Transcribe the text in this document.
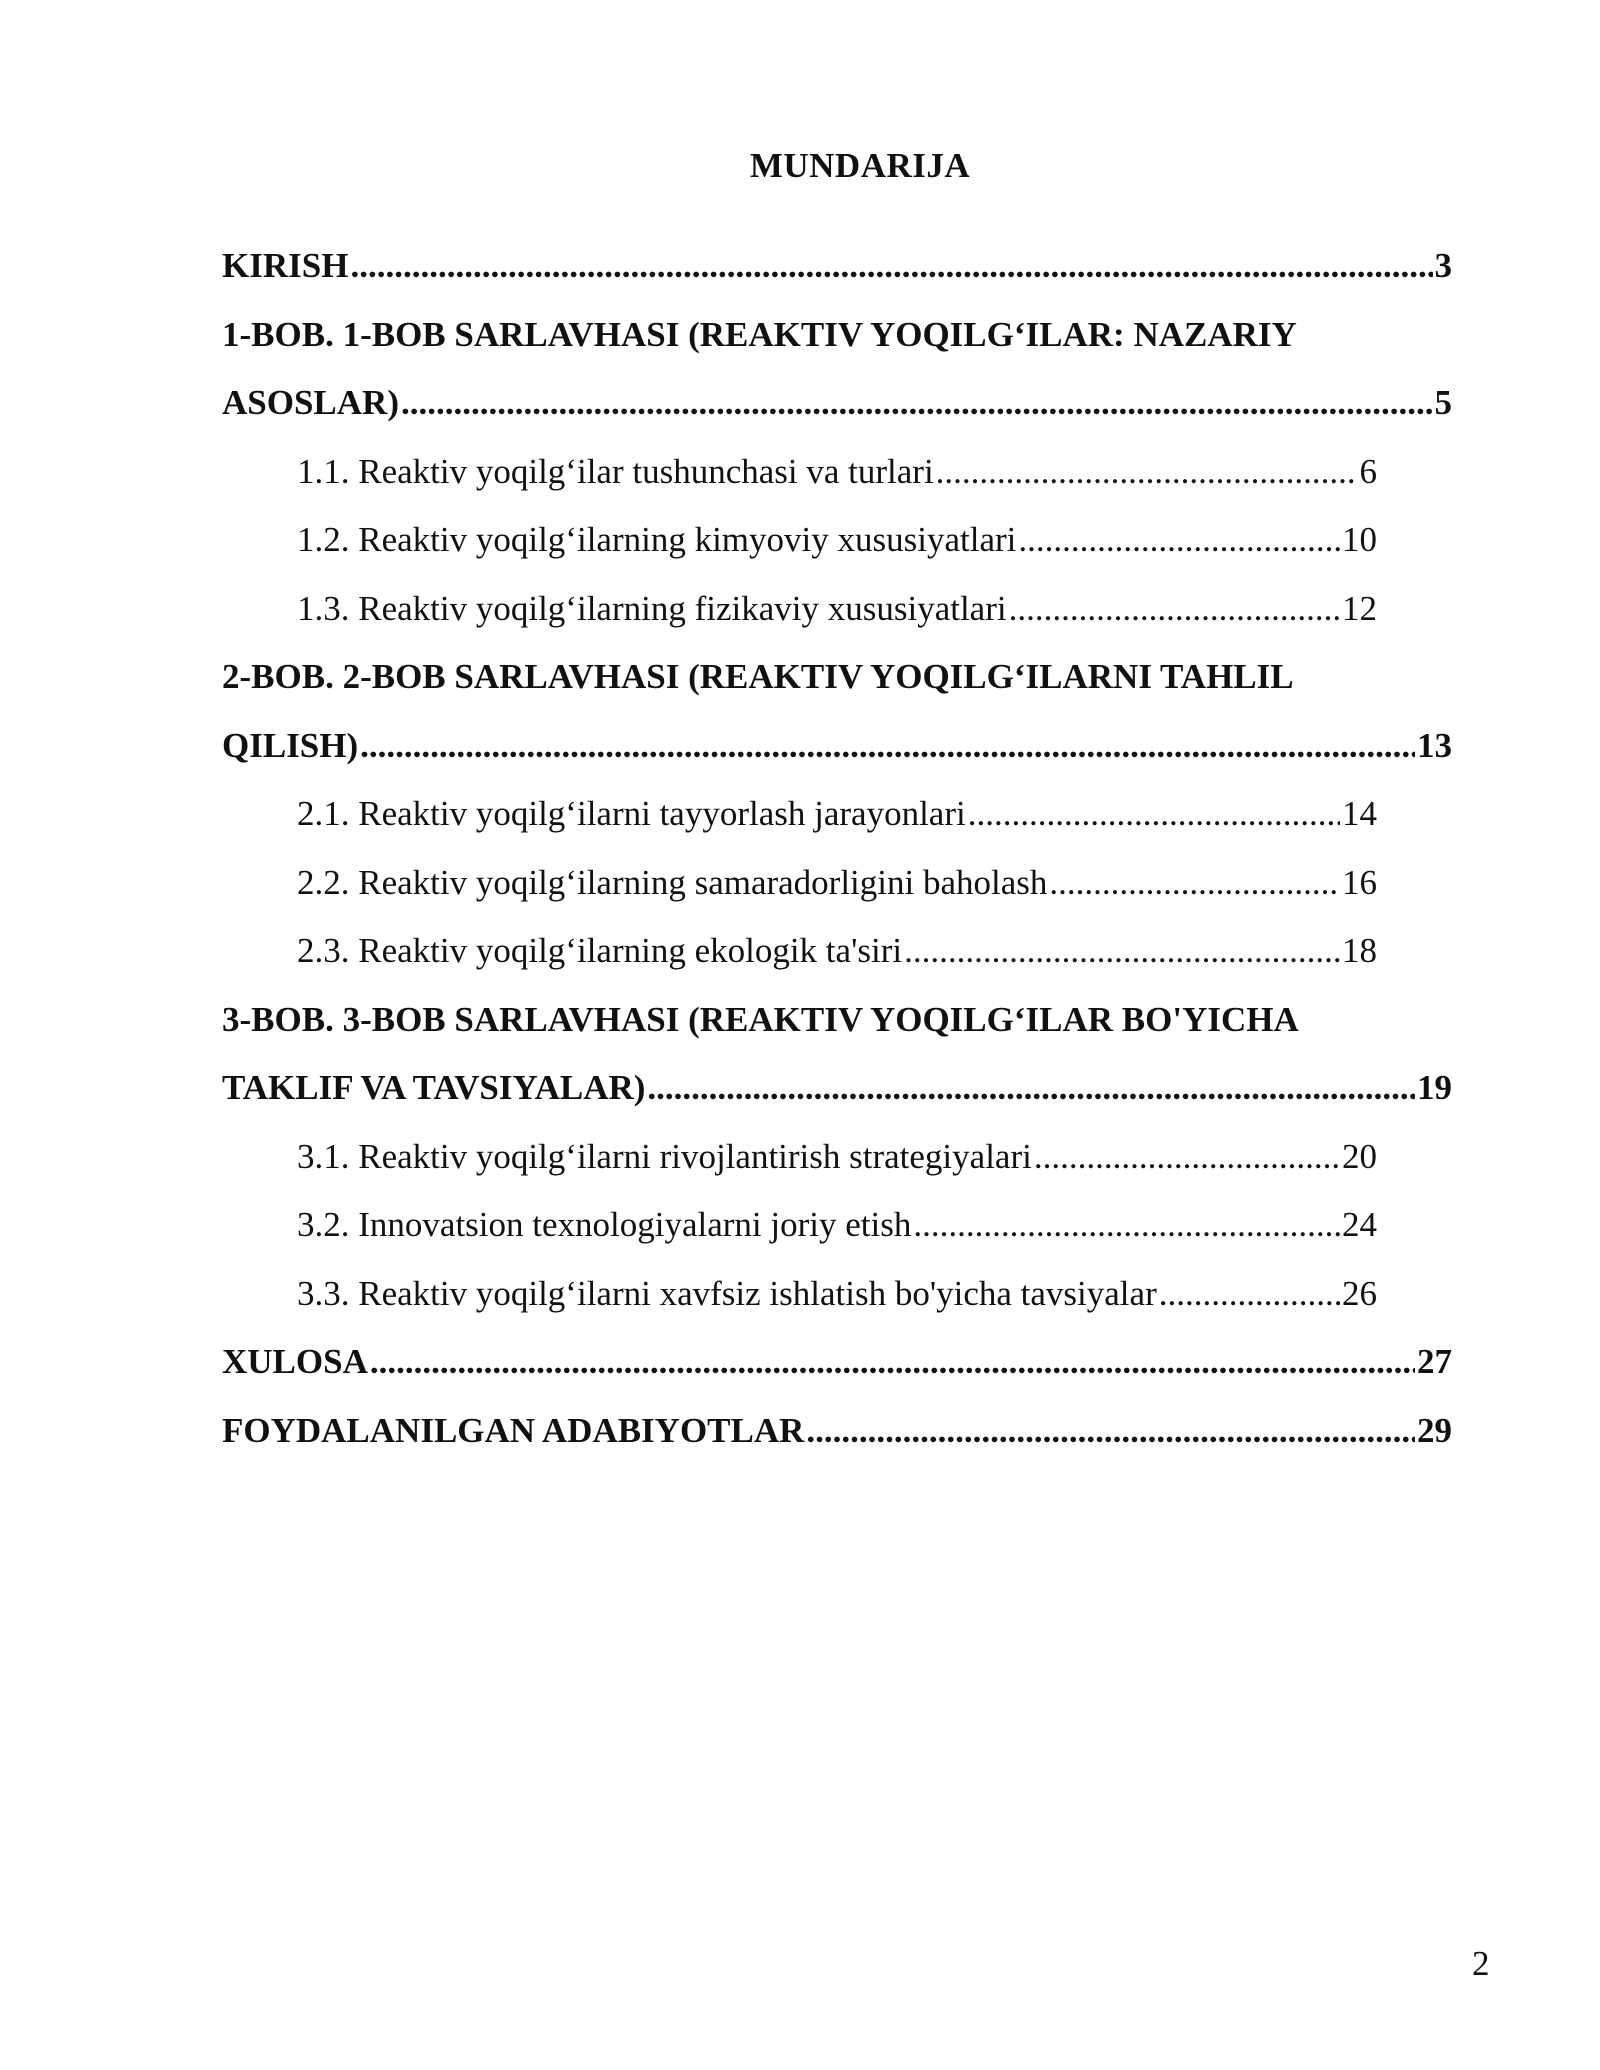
MUNDARIJA
KIRISH .....	3
1-BOB. 1-BOB SARLAVHASI (REAKTIV YOQILG‘ILAR: NAZARIY
ASOSLAR) .....	5
1.1. Reaktiv yoqilg‘ilar tushunchasi va turlari .....	6
1.2. Reaktiv yoqilg‘ilarning kimyoviy xususiyatlari .....	10
1.3. Reaktiv yoqilg‘ilarning fizikaviy xususiyatlari .....	12
2-BOB. 2-BOB SARLAVHASI (REAKTIV YOQILG‘ILARNI TAHLIL
QILISH) .....	13
2.1. Reaktiv yoqilg‘ilarni tayyorlash jarayonlari .....	14
2.2. Reaktiv yoqilg‘ilarning samaradorligini baholash .....	16
2.3. Reaktiv yoqilg‘ilarning ekologik ta'siri .....	18
3-BOB. 3-BOB SARLAVHASI (REAKTIV YOQILG‘ILAR BO'YICHA
TAKLIF VA TAVSIYALAR) .....	19
3.1. Reaktiv yoqilg‘ilarni rivojlantirish strategiyalari .....	20
3.2. Innovatsion texnologiyalarni joriy etish .....	24
3.3. Reaktiv yoqilg‘ilarni xavfsiz ishlatish bo'yicha tavsiyalar .....	26
XULOSA .....	27
FOYDALANILGAN ADABIYOTLAR .....	29
2
